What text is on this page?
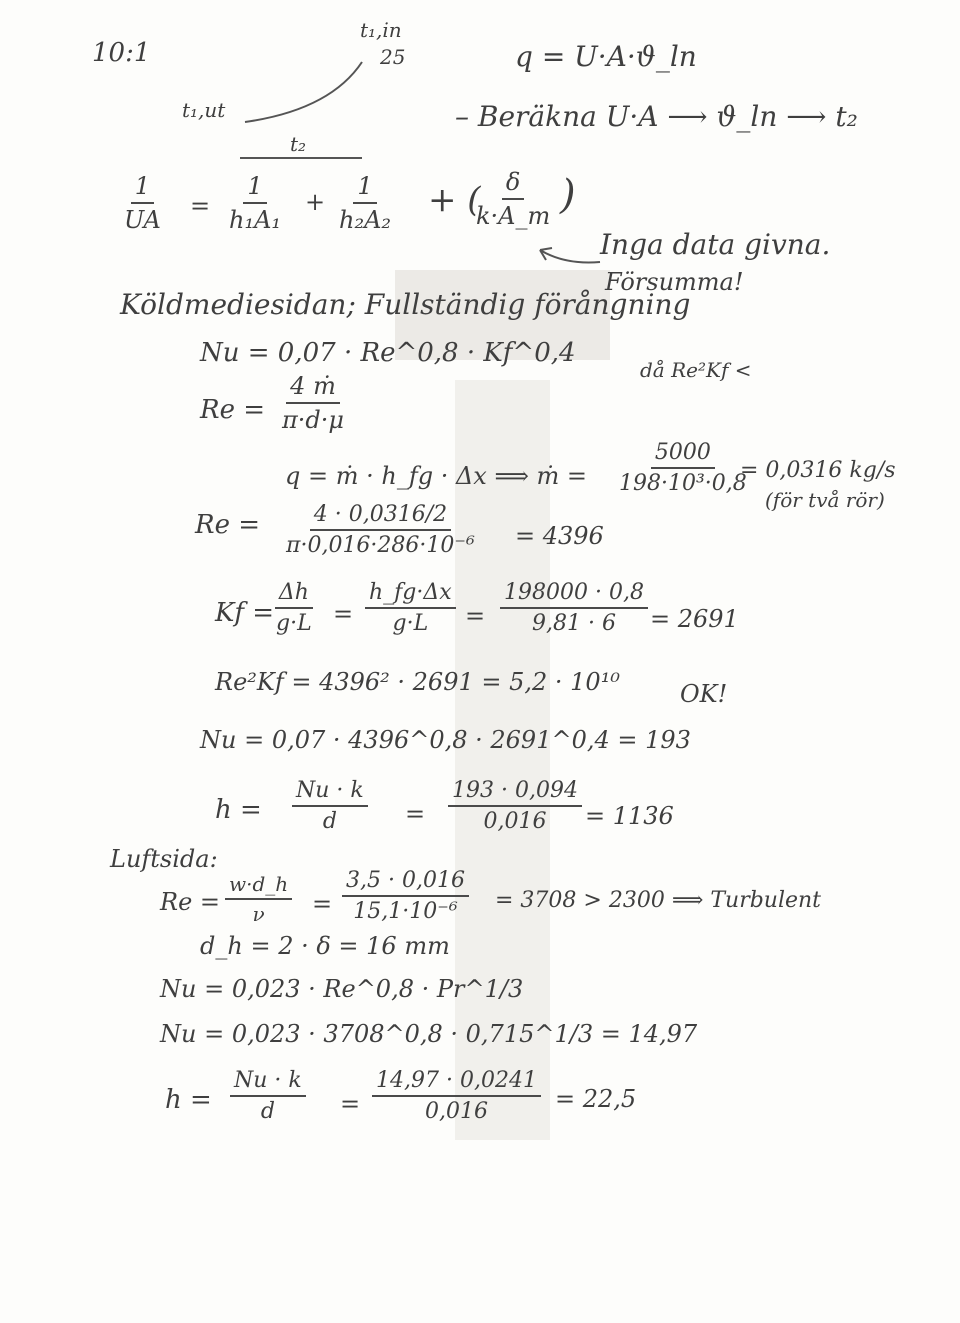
10:1
t₁,in
25
t₁,ut
t₂
q = U·A·ϑ_ln
– Beräkna U·A ⟶ ϑ_ln ⟶ t₂
$\frac{1}{UA} = \frac{1}{\text{h₁A₁}} + \frac{1}{\text{h₂A₂}}$ + (
$\frac{\delta}{k\cdot A\_m}$ )
Inga data givna.
Försumma!
Köldmediesidan; Fullständig förångning
Nu = 0,07 · Re^0,8 · Kf^0,4
då Re²Kf <
$Re = \frac{\text{4 ṁ}}{\pi\cdot d\cdot\mu}$
q = ṁ · h_fg · Δx ⟹ ṁ = $\frac{5000}{\text{198·10³·0,8}}$
= 0,0316 kg/s
(för två rör)
$Re = \frac{4 \cdot 0,0316/2}{\text{π·0,016·286·10⁻⁶}} = 4396$
Kf =
$\frac{\Delta h}{g\cdot L} = \frac{h\_fg\cdot\Delta x}{g\cdot L} = \frac{198000 \cdot 0,8}{9,81 \cdot 6} = 2691$
Re²Kf = 4396² · 2691 = 5,2 · 10¹⁰	OK!
Nu = 0,07 · 4396^0,8 · 2691^0,4 = 193
$h = \frac{Nu \cdot k}{d} = \frac{193 \cdot 0,094}{0,016} = 1136$
Luftsida:
$Re = \frac{w\cdot d\_h}{\nu} = \frac{3,5 \cdot 0,016}{\text{15,1·10⁻⁶}} = 3708 > 2300$ ⟹ Turbulent
d_h = 2 · δ = 16 mm
Nu = 0,023 · Re^0,8 · Pr^1/3
Nu = 0,023 · 3708^0,8 · 0,715^1/3 = 14,97
$h = \frac{Nu \cdot k}{d} = \frac{14,97 \cdot 0,0241}{0,016} = 22,5$
